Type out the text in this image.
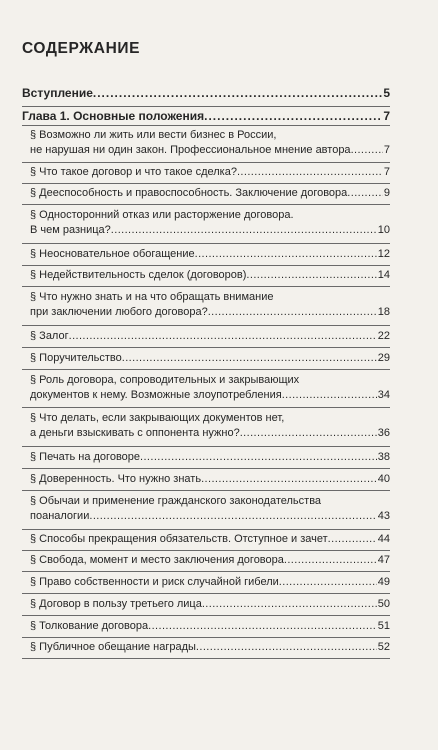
СОДЕРЖАНИЕ
Вступление .....	5
Глава 1. Основные положения .....	7
§ Возможно ли жить или вести бизнес в России,
не нарушая ни один закон. Профессиональное мнение автора .....	7
§ Что такое договор и что такое сделка? .....	7
§ Дееспособность и правоспособность. Заключение договора .....	9
§ Односторонний отказ или расторжение договора.
В чем разница? .....	10
§ Неосновательное обогащение .....	12
§ Недействительность сделок (договоров) .....	14
§ Что нужно знать и на что обращать внимание
при заключении любого договора? .....	18
§ Залог .....	22
§ Поручительство .....	29
§ Роль договора, сопроводительных и закрывающих
документов к нему. Возможные злоупотребления .....	34
§ Что делать, если закрывающих документов нет,
а деньги взыскивать с оппонента нужно? .....	36
§ Печать на договоре .....	38
§ Доверенность. Что нужно знать .....	40
§ Обычаи и применение гражданского законодательства
поаналогии .....	43
§ Способы прекращения обязательств. Отступное и зачет .....	44
§ Свобода, момент и место заключения договора .....	47
§ Право собственности и риск случайной гибели .....	49
§ Договор в пользу третьего лица .....	50
§ Толкование договора .....	51
§ Публичное обещание награды .....	52
